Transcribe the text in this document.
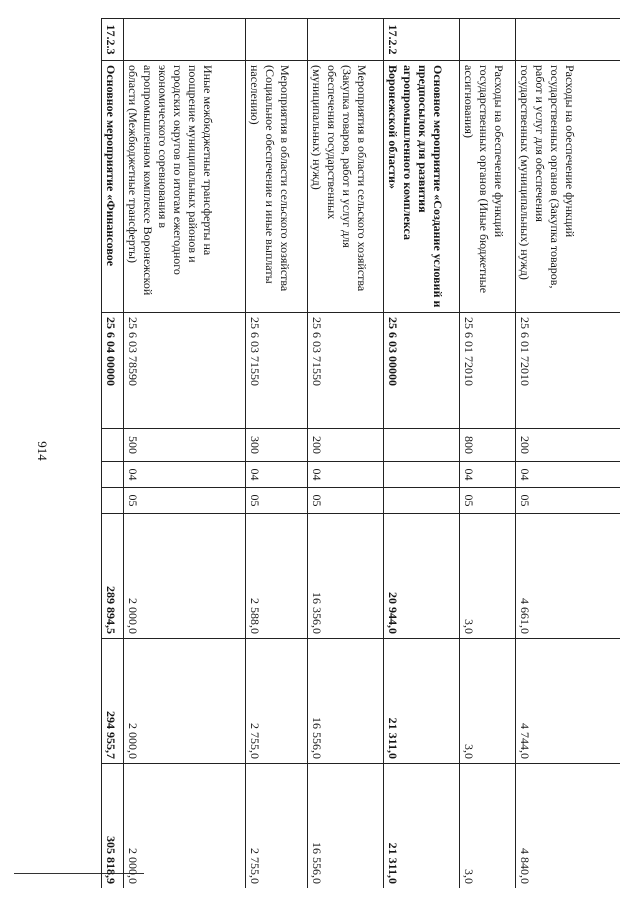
914
	Расходы на обеспечение функций государственных органов (Закупка товаров, работ и услуг для обеспечения государственных (муниципальных) нужд)	25 6 01 72010	200	04	05	4 661,0	4 744,0	4 840,0
	Расходы на обеспечение функций государственных органов (Иные бюджетные ассигнования)	25 6 01 72010	800	04	05	3,0	3,0	3,0
17.2.2	Основное мероприятие «Создание условий и предпосылок для развития агропромышленного комплекса Воронежской области»	25 6 03 00000				20 944,0	21 311,0	21 311,0
	Мероприятия в области сельского хозяйства (Закупка товаров, работ и услуг для обеспечения государственных (муниципальных) нужд)	25 6 03 71550	200	04	05	16 356,0	16 556,0	16 556,0
	Мероприятия в области сельского хозяйства (Социальное обеспечение и иные выплаты населению)	25 6 03 71550	300	04	05	2 588,0	2 755,0	2 755,0
	Иные межбюджетные трансферты на поощрение муниципальных районов и городских округов по итогам ежегодного экономического соревнования в агропромышленном комплексе Воронежской области (Межбюджетные трансферты)	25 6 03 78590	500	04	05	2 000,0	2 000,0	2 000,0
17.2.3	Основное мероприятие «Финансовое	25 6 04 00000				289 894,5	294 955,7	305 818,9
